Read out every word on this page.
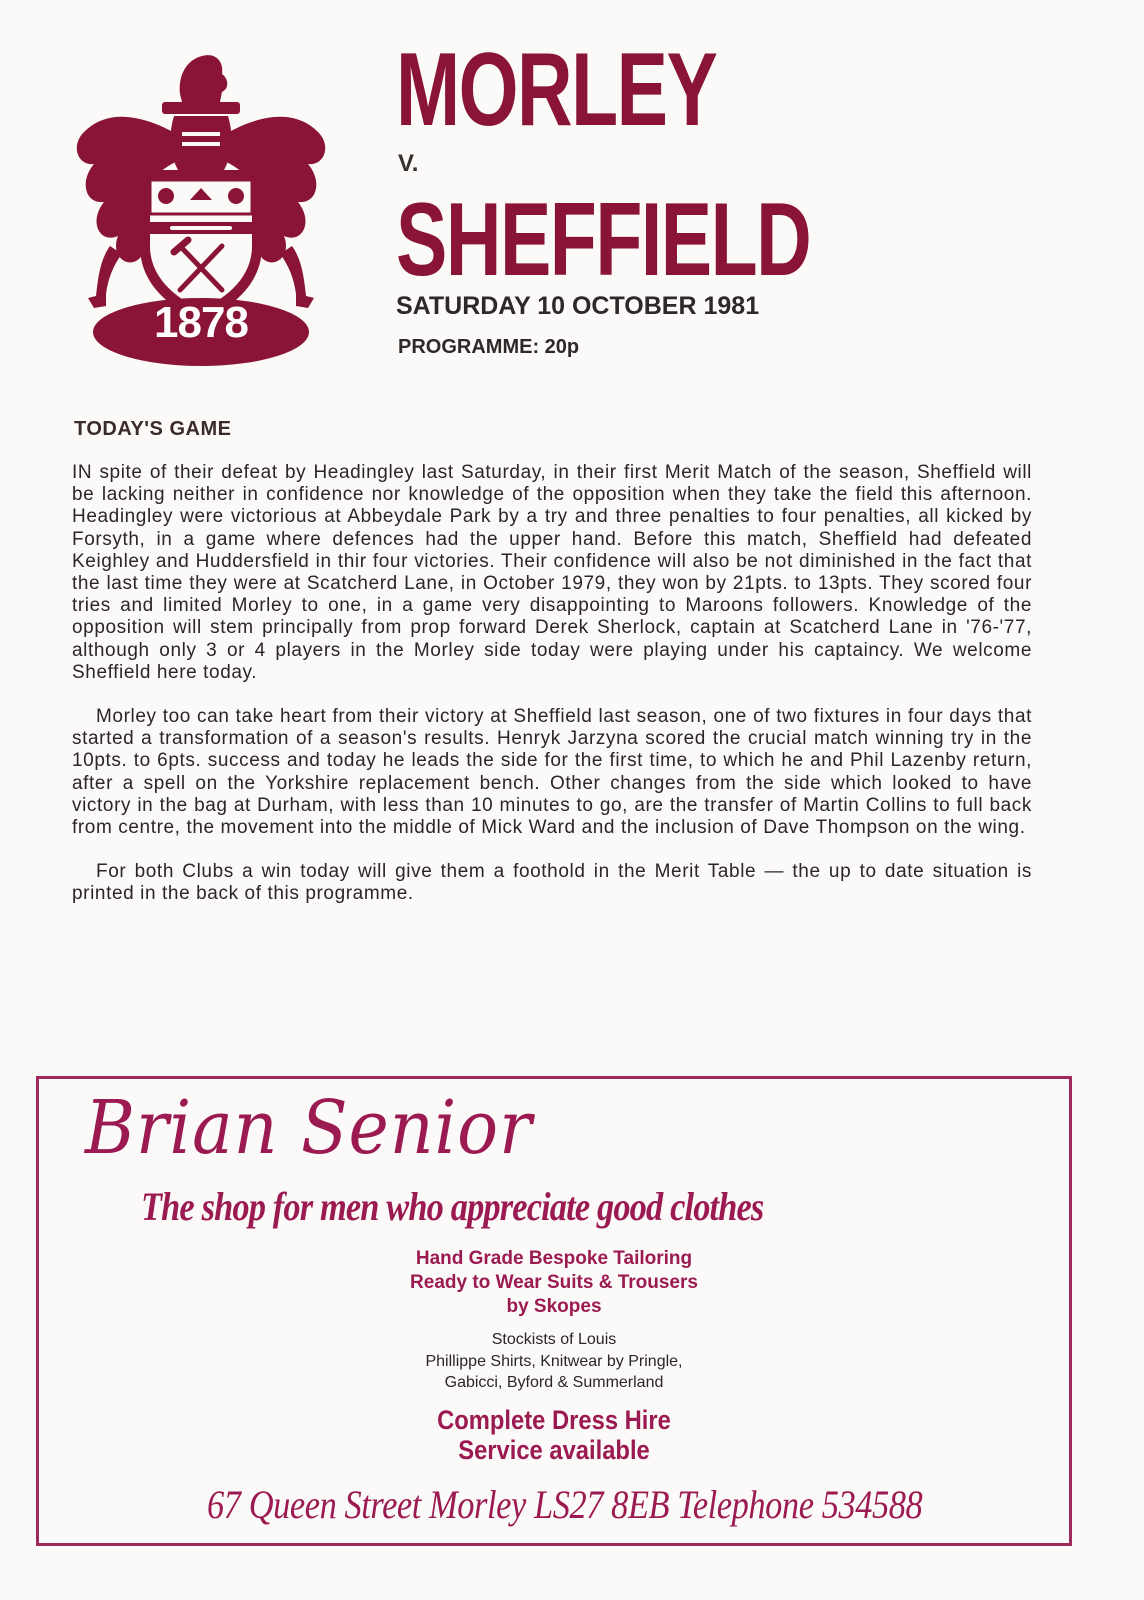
1878
MORLEY
V.
SHEFFIELD
SATURDAY 10 OCTOBER 1981
PROGRAMME: 20p
TODAY'S GAME

IN spite of their defeat by Headingley last Saturday, in their first Merit Match of the season, Sheffield will be lacking neither in confidence nor knowledge of the opposition when they take the field this afternoon. Headingley were victorious at Abbeydale Park by a try and three penalties to four penalties, all kicked by Forsyth, in a game where defences had the upper hand. Before this match, Sheffield had defeated Keighley and Huddersfield in thir four victories. Their confidence will also be not diminished in the fact that the last time they were at Scatcherd Lane, in October 1979, they won by 21pts. to 13pts. They scored four tries and limited Morley to one, in a game very disappointing to Maroons followers. Knowledge of the opposition will stem principally from prop forward Derek Sherlock, captain at Scatcherd Lane in '76-'77, although only 3 or 4 players in the Morley side today were playing under his captaincy. We welcome Sheffield here today.

Morley too can take heart from their victory at Sheffield last season, one of two fixtures in four days that started a transformation of a season's results. Henryk Jarzyna scored the crucial match winning try in the 10pts. to 6pts. success and today he leads the side for the first time, to which he and Phil Lazenby return, after a spell on the Yorkshire replacement bench. Other changes from the side which looked to have victory in the bag at Durham, with less than 10 minutes to go, are the transfer of Martin Collins to full back from centre, the movement into the middle of Mick Ward and the inclusion of Dave Thompson on the wing.

For both Clubs a win today will give them a foothold in the Merit Table — the up to date situation is printed in the back of this programme.

Brian Senior
The shop for men who appreciate good clothes
Hand Grade Bespoke Tailoring
Ready to Wear Suits & Trousers
by Skopes
Stockists of Louis
Phillippe Shirts, Knitwear by Pringle,
Gabicci, Byford & Summerland
Complete Dress Hire
Service available
67 Queen Street Morley LS27 8EB Telephone 534588
